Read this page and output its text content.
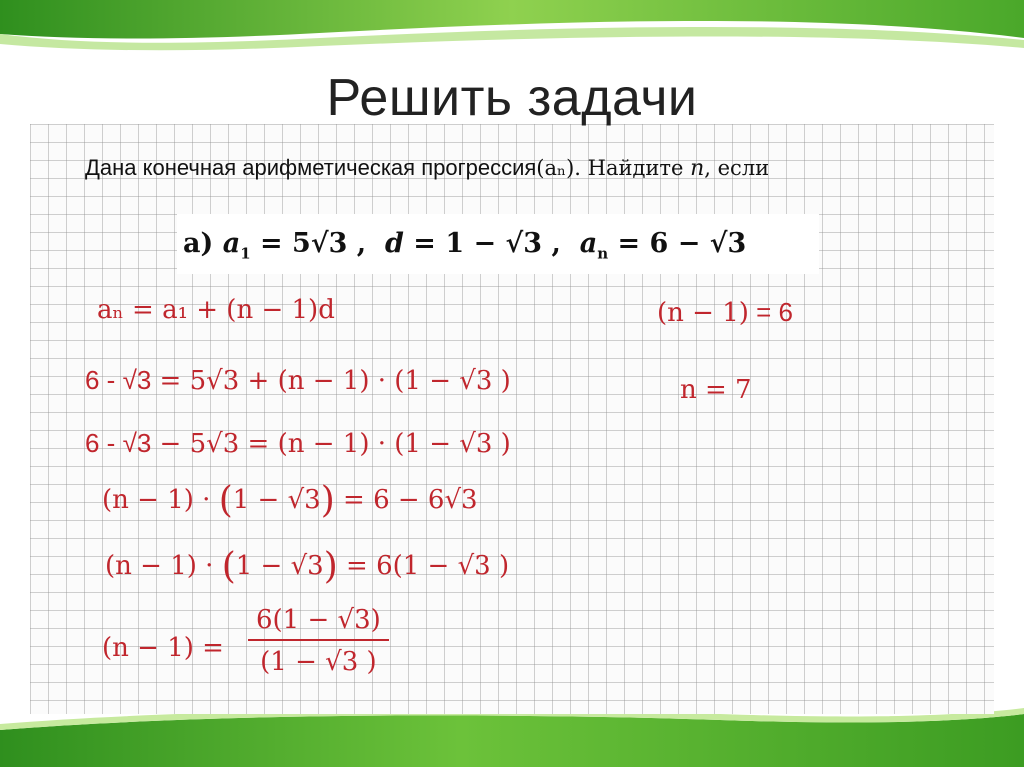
Решить задачи
Дана конечная арифметическая прогрессия(aₙ). Найдите n, если
а) $a_1 = 5√3$ , d = 1 − √3 , $a_n = 6 - √3$
aₙ = a₁ + (n − 1)d
6 - √3 = 5√3 + (n − 1) · (1 − √3 )
6 - √3 − 5√3 = (n − 1) · (1 − √3 )
(n − 1) · (1 − √3) = 6 − 6√3
(n − 1) · (1 − √3) = 6(1 − √3 )
$(n - 1) = \frac{6(1 - √3)}{(1 - √3 )}$
(n − 1) = 6
n = 7
